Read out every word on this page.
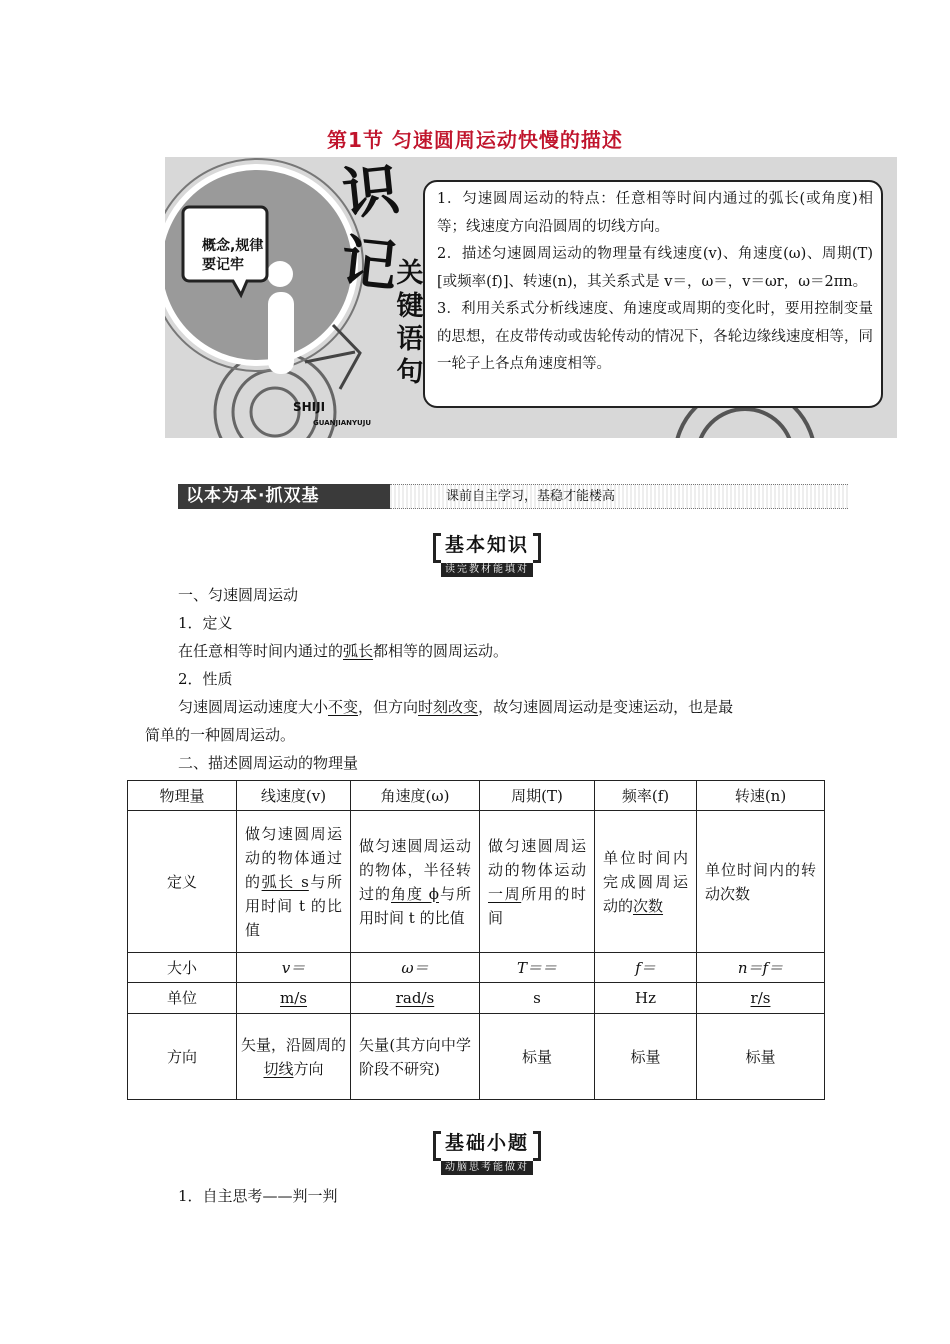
第1节 匀速圆周运动快慢的描述
概念,规律
要记牢
识
记
关
键
语
句
SHIJI
GUANJIANYUJU

1．匀速圆周运动的特点：任意相等时间内通过的弧长(或角度)相等；线速度方向沿圆周的切线方向。

2．描述匀速圆周运动的物理量有线速度(v)、角速度(ω)、周期(T)[或频率(f)]、转速(n)，其关系式是 v＝，ω＝，v＝ωr，ω＝2πn。

3．利用关系式分析线速度、角速度或周期的变化时，要用控制变量的思想，在皮带传动或齿轮传动的情况下，各轮边缘线速度相等，同一轮子上各点角速度相等。

以本为本·抓双基	课前自主学习，基稳才能楼高
基本知识
读完教材能填对
一、匀速圆周运动
1．定义
在任意相等时间内通过的弧长都相等的圆周运动。
2．性质
匀速圆周运动速度大小不变，但方向时刻改变，故匀速圆周运动是变速运动，也是最
简单的一种圆周运动。
二、描述圆周运动的物理量
物理量	线速度(v)	角速度(ω)	周期(T)	频率(f)	转速(n)
定义	做匀速圆周运动的物体通过的弧长 s与所用时间 t 的比值	做匀速圆周运动的物体，半径转过的角度 ϕ与所用时间 t 的比值	做匀速圆周运动的物体运动一周所用的时间	单位时间内完成圆周运动的次数	单位时间内的转动次数
大小	v＝	ω＝	T＝＝	f＝	n＝f＝
单位	m/s	rad/s	s	Hz	r/s
方向	矢量，沿圆周的切线方向	矢量(其方向中学阶段不研究)	标量	标量	标量
基础小题
动脑思考能做对
1．自主思考——判一判
